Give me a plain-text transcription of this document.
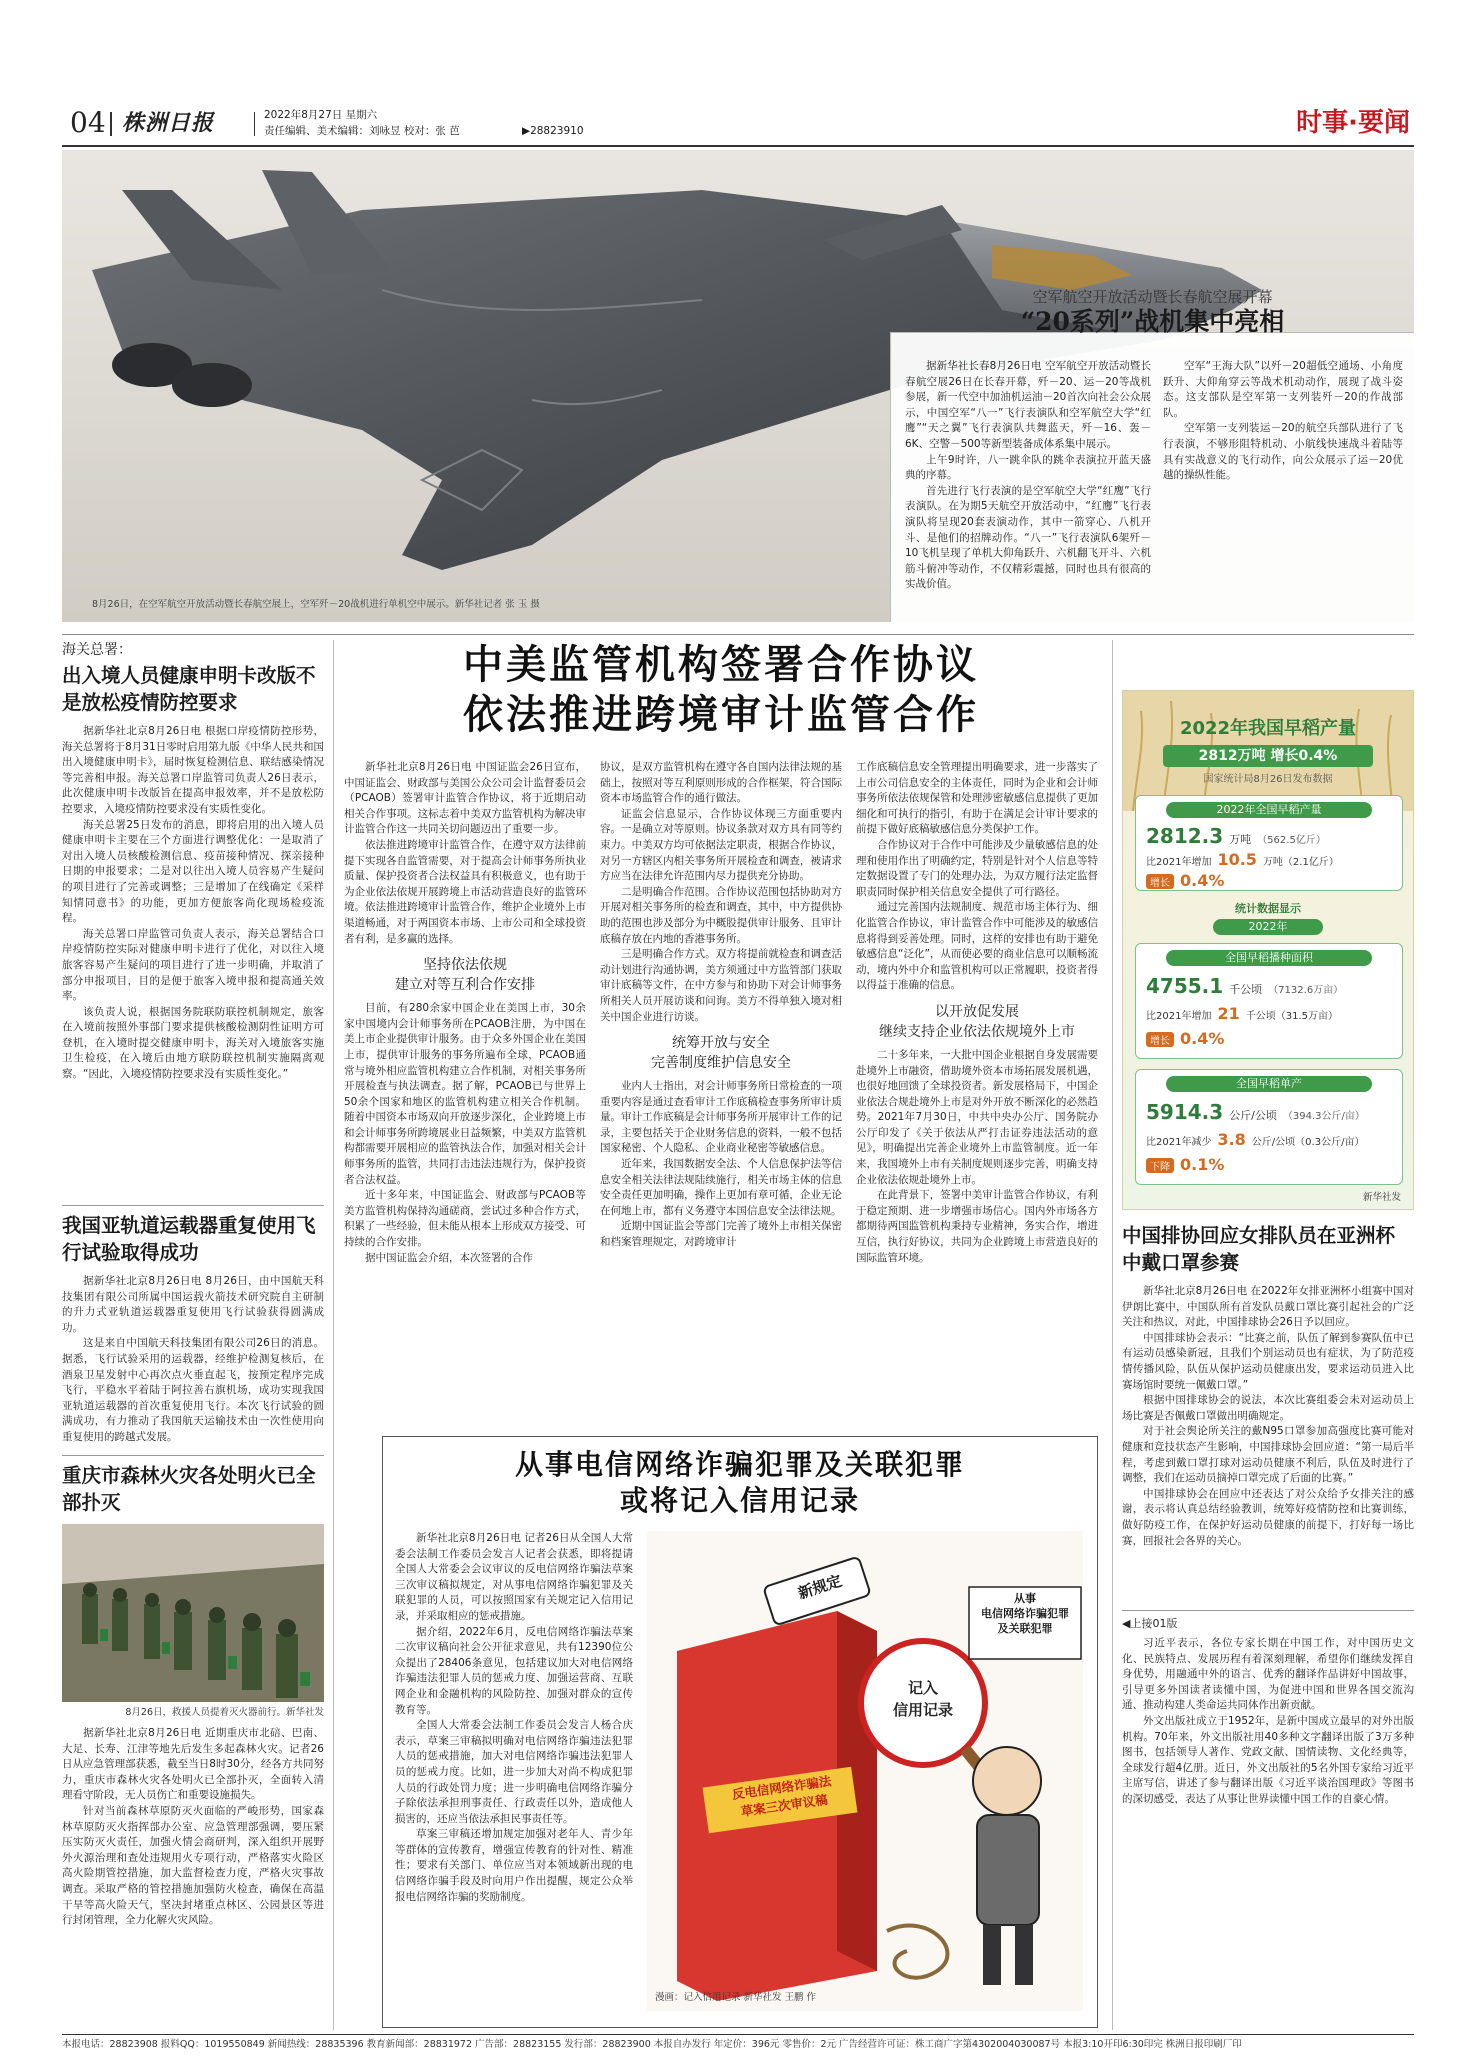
04 株洲日报	2022年8月27日 星期六
责任编辑、美术编辑：刘咏昱 校对：张 芭	▶28823910	时事·要闻
8月26日，在空军航空开放活动暨长春航空展上，空军歼－20战机进行单机空中展示。新华社记者 张 玉 摄
空军航空开放活动暨长春航空展开幕
“20系列”战机集中亮相

据新华社长春8月26日电 空军航空开放活动暨长春航空展26日在长春开幕，歼－20、运－20等战机参展，新一代空中加油机运油－20首次向社会公众展示，中国空军“八一”飞行表演队和空军航空大学“红鹰”“天之翼”飞行表演队共舞蓝天，歼－16、轰－6K、空警－500等新型装备成体系集中展示。

上午9时许，八一跳伞队的跳伞表演拉开蓝天盛典的序幕。

首先进行飞行表演的是空军航空大学“红鹰”飞行表演队。在为期5天航空开放活动中，“红鹰”飞行表演队将呈现20套表演动作，其中一箭穿心、八机开斗、是他们的招牌动作。“八一”飞行表演队6架歼－10飞机呈现了单机大仰角跃升、六机翻飞开斗、六机筋斗俯冲等动作，不仅精彩震撼，同时也具有很高的实战价值。

空军“王海大队”以歼－20超低空通场、小角度跃升、大仰角穿云等战术机动动作，展现了战斗姿态。这支部队是空军第一支列装歼－20的作战部队。

空军第一支列装运－20的航空兵部队进行了飞行表演，不够形阻特机动、小航线快速战斗着陆等具有实战意义的飞行动作，向公众展示了运－20优越的操纵性能。

海关总署：
出入境人员健康申明卡改版不是放松疫情防控要求

据新华社北京8月26日电 根据口岸疫情防控形势，海关总署将于8月31日零时启用第九版《中华人民共和国出入境健康申明卡》，届时恢复检测信息、联结感染情况等完善相申报。海关总署口岸监管司负责人26日表示，此次健康申明卡改版旨在提高申报效率，并不是放松防控要求，入境疫情防控要求没有实质性变化。

海关总署25日发布的消息，即将启用的出入境人员健康申明卡主要在三个方面进行调整优化：一是取消了对出入境人员核酸检测信息、疫苗接种情况、探亲接种日期的申报要求；二是对以往出入境人员容易产生疑问的项目进行了完善或调整；三是增加了在线确定《采样知情同意书》的功能，更加方便旅客尚化现场检疫流程。

海关总署口岸监管司负责人表示，海关总署结合口岸疫情防控实际对健康申明卡进行了优化，对以往入境旅客容易产生疑问的项目进行了进一步明确，并取消了部分申报项目，目的是便于旅客入境申报和提高通关效率。

该负责人说，根据国务院联防联控机制规定，旅客在入境前按照外事部门要求提供核酸检测阴性证明方可登机，在入境时提交健康申明卡，海关对入境旅客实施卫生检疫，在入境后由地方联防联控机制实施隔离观察。“因此，入境疫情防控要求没有实质性变化。”

我国亚轨道运载器重复使用飞行试验取得成功

据新华社北京8月26日电 8月26日，由中国航天科技集团有限公司所属中国运载火箭技术研究院自主研制的升力式亚轨道运载器重复使用飞行试验获得圆满成功。

这是来自中国航天科技集团有限公司26日的消息。据悉，飞行试验采用的运载器，经维护检测复核后，在酒泉卫星发射中心再次点火垂直起飞，按预定程序完成飞行，平稳水平着陆于阿拉善右旗机场，成功实现我国亚轨道运载器的首次重复使用飞行。本次飞行试验的圆满成功，有力推动了我国航天运输技术由一次性使用向重复使用的跨越式发展。

重庆市森林火灾各处明火已全部扑灭
8月26日，救援人员提着灭火器前行。新华社发

据新华社北京8月26日电 近期重庆市北碚、巴南、大足、长寿、江津等地先后发生多起森林火灾。记者26日从应急管理部获悉，截至当日8时30分，经各方共同努力，重庆市森林火灾各处明火已全部扑灭，全面转入清理看守阶段，无人员伤亡和重要设施损失。

针对当前森林草原防灭火面临的严峻形势，国家森林草原防灭火指挥部办公室、应急管理部强调，要压紧压实防灭火责任，加强火情会商研判，深入组织开展野外火源治理和查处违规用火专项行动，严格落实火险区高火险期管控措施，加大监督检查力度，严格火灾事故调查。采取严格的管控措施加强防火检查，确保在高温干旱等高火险天气，坚决封堵重点林区、公园景区等进行封闭管理，全力化解火灾风险。

中美监管机构签署合作协议
依法推进跨境审计监管合作

新华社北京8月26日电 中国证监会26日宣布，中国证监会、财政部与美国公众公司会计监督委员会（PCAOB）签署审计监管合作协议，将于近期启动相关合作事项。这标志着中美双方监管机构为解决审计监管合作这一共同关切问题迈出了重要一步。

依法推进跨境审计监管合作，在遵守双方法律前提下实现各自监管需要，对于提高会计师事务所执业质量、保护投资者合法权益具有积极意义，也有助于为企业依法依规开展跨境上市活动营造良好的监管环境。依法推进跨境审计监管合作，维护企业境外上市渠道畅通，对于两国资本市场、上市公司和全球投资者有利，是多赢的选择。

坚持依法依规
建立对等互利合作安排

目前，有280余家中国企业在美国上市，30余家中国境内会计师事务所在PCAOB注册，为中国在美上市企业提供审计服务。由于众多外国企业在美国上市，提供审计服务的事务所遍布全球，PCAOB通常与境外相应监管机构建立合作机制，对相关事务所开展检查与执法调查。据了解，PCAOB已与世界上50余个国家和地区的监管机构建立相关合作机制。随着中国资本市场双向开放逐步深化，企业跨境上市和会计师事务所跨境展业日益频繁，中美双方监管机构都需要开展相应的监管执法合作，加强对相关会计师事务所的监管，共同打击违法违规行为，保护投资者合法权益。

近十多年来，中国证监会、财政部与PCAOB等美方监管机构保持沟通磋商，尝试过多种合作方式，积累了一些经验，但未能从根本上形成双方接受、可持续的合作安排。

据中国证监会介绍，本次签署的合作

协议，是双方监管机构在遵守各自国内法律法规的基础上，按照对等互利原则形成的合作框架，符合国际资本市场监管合作的通行做法。

证监会信息显示，合作协议体现三方面重要内容。一是确立对等原则。协议条款对双方具有同等约束力。中美双方均可依据法定职责，根据合作协议，对另一方辖区内相关事务所开展检查和调查，被请求方应当在法律允许范围内尽力提供充分协助。

二是明确合作范围。合作协议范围包括协助对方开展对相关事务所的检查和调查，其中，中方提供协助的范围也涉及部分为中概股提供审计服务、且审计底稿存放在内地的香港事务所。

三是明确合作方式。双方将提前就检查和调查活动计划进行沟通协调，美方须通过中方监管部门获取审计底稿等文件，在中方参与和协助下对会计师事务所相关人员开展访谈和问询。美方不得单独入境对相关中国企业进行访谈。

统筹开放与安全
完善制度维护信息安全

业内人士指出，对会计师事务所日常检查的一项重要内容是通过查看审计工作底稿检查事务所审计质量。审计工作底稿是会计师事务所开展审计工作的记录，主要包括关于企业财务信息的资料，一般不包括国家秘密、个人隐私、企业商业秘密等敏感信息。

近年来，我国数据安全法、个人信息保护法等信息安全相关法律法规陆续施行，相关市场主体的信息安全责任更加明确，操作上更加有章可循，企业无论在何地上市，都有义务遵守本国信息安全法律法规。

近期中国证监会等部门完善了境外上市相关保密和档案管理规定，对跨境审计

工作底稿信息安全管理提出明确要求，进一步落实了上市公司信息安全的主体责任，同时为企业和会计师事务所依法依规保管和处理涉密敏感信息提供了更加细化和可执行的指引，有助于在满足会计审计要求的前提下做好底稿敏感信息分类保护工作。

合作协议对于合作中可能涉及少量敏感信息的处理和使用作出了明确约定，特别是针对个人信息等特定数据设置了专门的处理办法，为双方履行法定监督职责同时保护相关信息安全提供了可行路径。

通过完善国内法规制度、规范市场主体行为、细化监管合作协议，审计监管合作中可能涉及的敏感信息将得到妥善处理。同时，这样的安排也有助于避免敏感信息“泛化”，从而使必要的商业信息可以顺畅流动，境内外中介和监管机构可以正常履职，投资者得以得益于准确的信息。

以开放促发展
继续支持企业依法依规境外上市

二十多年来，一大批中国企业根据自身发展需要赴境外上市融资，借助境外资本市场拓展发展机遇，也很好地回馈了全球投资者。新发展格局下，中国企业依法合规赴境外上市是对外开放不断深化的必然趋势。2021年7月30日，中共中央办公厅、国务院办公厅印发了《关于依法从严打击证券违法活动的意见》，明确提出完善企业境外上市监管制度。近一年来，我国境外上市有关制度规则逐步完善，明确支持企业依法依规赴境外上市。

在此背景下，签署中美审计监管合作协议，有利于稳定预期、进一步增强市场信心。国内外市场各方都期待两国监管机构秉持专业精神，务实合作，增进互信，执行好协议，共同为企业跨境上市营造良好的国际监管环境。

从事电信网络诈骗犯罪及关联犯罪
或将记入信用记录

新华社北京8月26日电 记者26日从全国人大常委会法制工作委员会发言人记者会获悉，即将提请全国人大常委会会议审议的反电信网络诈骗法草案三次审议稿拟规定，对从事电信网络诈骗犯罪及关联犯罪的人员，可以按照国家有关规定记入信用记录，并采取相应的惩戒措施。

据介绍，2022年6月，反电信网络诈骗法草案二次审议稿向社会公开征求意见，共有12390位公众提出了28406条意见，包括建议加大对电信网络诈骗违法犯罪人员的惩戒力度、加强运营商、互联网企业和金融机构的风险防控、加强对群众的宣传教育等。

全国人大常委会法制工作委员会发言人杨合庆表示，草案三审稿拟明确对电信网络诈骗违法犯罪人员的惩戒措施，加大对电信网络诈骗违法犯罪人员的惩戒力度。比如，进一步加大对尚不构成犯罪人员的行政处罚力度；进一步明确电信网络诈骗分子除依法承担刑事责任、行政责任以外，造成他人损害的，还应当依法承担民事责任等。

草案三审稿还增加规定加强对老年人、青少年等群体的宣传教育，增强宣传教育的针对性、精准性；要求有关部门、单位应当对本领域新出现的电信网络诈骗手段及时向用户作出提醒，规定公众举报电信网络诈骗的奖励制度。

从事
电信网络诈骗犯罪
及关联犯罪
新规定
记入
信用记录
反电信网络诈骗法
草案三次审议稿
漫画：记入信用记录 新华社发 王鹏 作
2022年我国早稻产量
2812万吨 增长0.4%
国家统计局8月26日发布数据
2022年全国早稻产量
2812.3 万吨 （562.5亿斤）
比2021年增加 10.5 万吨（2.1亿斤）
增长 0.4%
统计数据显示
2022年
全国早稻播种面积
4755.1 千公顷 （7132.6万亩）
比2021年增加 21 千公顷（31.5万亩）
增长 0.4%
全国早稻单产
5914.3 公斤/公顷 （394.3公斤/亩）
比2021年减少 3.8 公斤/公顷（0.3公斤/亩）
下降 0.1%
新华社发
中国排协回应女排队员在亚洲杯中戴口罩参赛

新华社北京8月26日电 在2022年女排亚洲杯小组赛中国对伊朗比赛中，中国队所有首发队员戴口罩比赛引起社会的广泛关注和热议，对此，中国排球协会26日予以回应。

中国排球协会表示：“比赛之前，队伍了解到参赛队伍中已有运动员感染新冠，且我们个别运动员也有症状，为了防范疫情传播风险，队伍从保护运动员健康出发，要求运动员进入比赛场馆时要统一佩戴口罩。”

根据中国排球协会的说法，本次比赛组委会未对运动员上场比赛是否佩戴口罩做出明确规定。

对于社会舆论所关注的戴N95口罩参加高强度比赛可能对健康和竞技状态产生影响，中国排球协会回应道：“第一局后半程，考虑到戴口罩打球对运动员健康不利后，队伍及时进行了调整，我们在运动员摘掉口罩完成了后面的比赛。”

中国排球协会在回应中还表达了对公众给予女排关注的感谢，表示将认真总结经验教训，统筹好疫情防控和比赛训练，做好防疫工作，在保护好运动员健康的前提下，打好每一场比赛，回报社会各界的关心。

◀上接01版

习近平表示，各位专家长期在中国工作，对中国历史文化、民族特点、发展历程有着深刻理解，希望你们继续发挥自身优势，用融通中外的语言、优秀的翻译作品讲好中国故事，引导更多外国读者读懂中国，为促进中国和世界各国交流沟通、推动构建人类命运共同体作出新贡献。

外文出版社成立于1952年，是新中国成立最早的对外出版机构。70年来，外文出版社用40多种文字翻译出版了3万多种图书，包括领导人著作、党政文献、国情读物、文化经典等，全球发行超4亿册。近日，外文出版社的5名外国专家给习近平主席写信，讲述了参与翻译出版《习近平谈治国理政》等图书的深切感受，表达了从事让世界读懂中国工作的自豪心情。

本报电话：28823908 报料QQ：1019550849 新闻热线：28835396 教育新闻部：28831972 广告部：28823155 发行部：28823900 本报自办发行 年定价：396元 零售价：2元 广告经营许可证：株工商广字第4302004030087号 本报3:10开印6:30印完 株洲日报印刷厂印
